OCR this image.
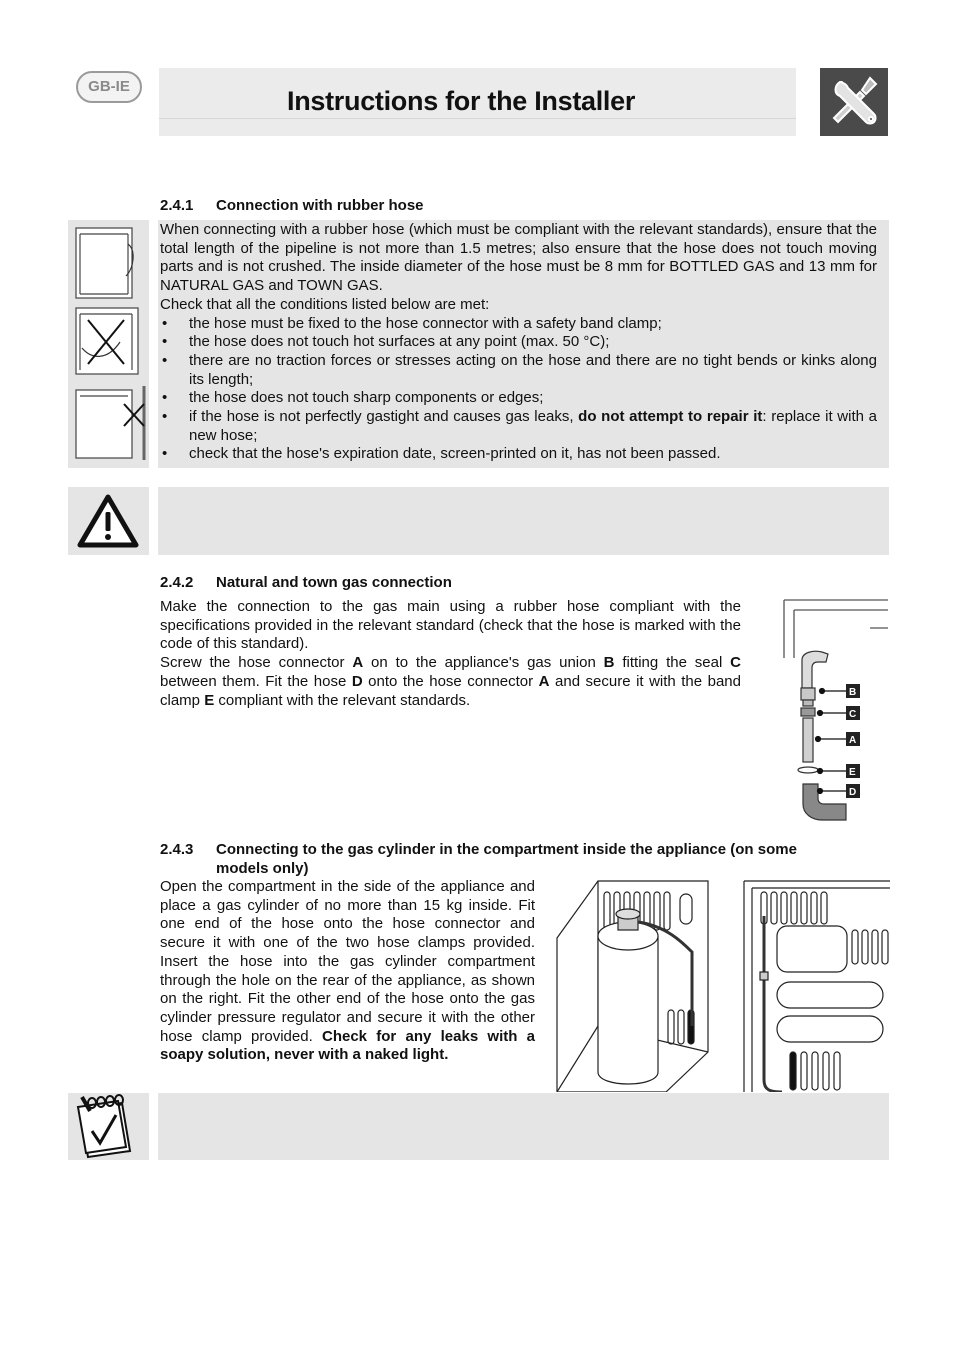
GB-IE	Instructions for the Installer
2.4.1 Connection with rubber hose

When connecting with a rubber hose (which must be compliant with the relevant standards), ensure that the total length of the pipeline is not more than 1.5 metres; also ensure that the hose does not touch moving parts and is not crushed. The inside diameter of the hose must be 8 mm for BOTTLED GAS and 13 mm for NATURAL GAS and TOWN GAS.

Check that all the conditions listed below are met:

• the hose must be fixed to the hose connector with a safety band clamp;
• the hose does not touch hot surfaces at any point (max. 50 °C);
• there are no traction forces or stresses acting on the hose and there are no tight bends or kinks along its length;
• the hose does not touch sharp components or edges;
• if the hose is not perfectly gastight and causes gas leaks, do not attempt to repair it: replace it with a new hose;
• check that the hose's expiration date, screen-printed on it, has not been passed.
2.4.2 Natural and town gas connection

Make the connection to the gas main using a rubber hose compliant with the specifications provided in the relevant standard (check that the hose is marked with the code of this standard).

Screw the hose connector A on to the appliance's gas union B fitting the seal C between them. Fit the hose D onto the hose connector A and secure it with the band clamp E compliant with the relevant standards.	B
C
A
E
D
2.4.3 Connecting to the gas cylinder in the compartment inside the appliance (on some
models only)

Open the compartment in the side of the appliance and place a gas cylinder of no more than 15 kg inside. Fit one end of the hose onto the hose connector and secure it with one of the two hose clamps provided. Insert the hose into the gas cylinder compartment through the hole on the rear of the appliance, as shown on the right. Fit the other end of the hose onto the gas cylinder pressure regulator and secure it with the other hose clamp provided. Check for any leaks with a soapy solution, never with a naked light.
